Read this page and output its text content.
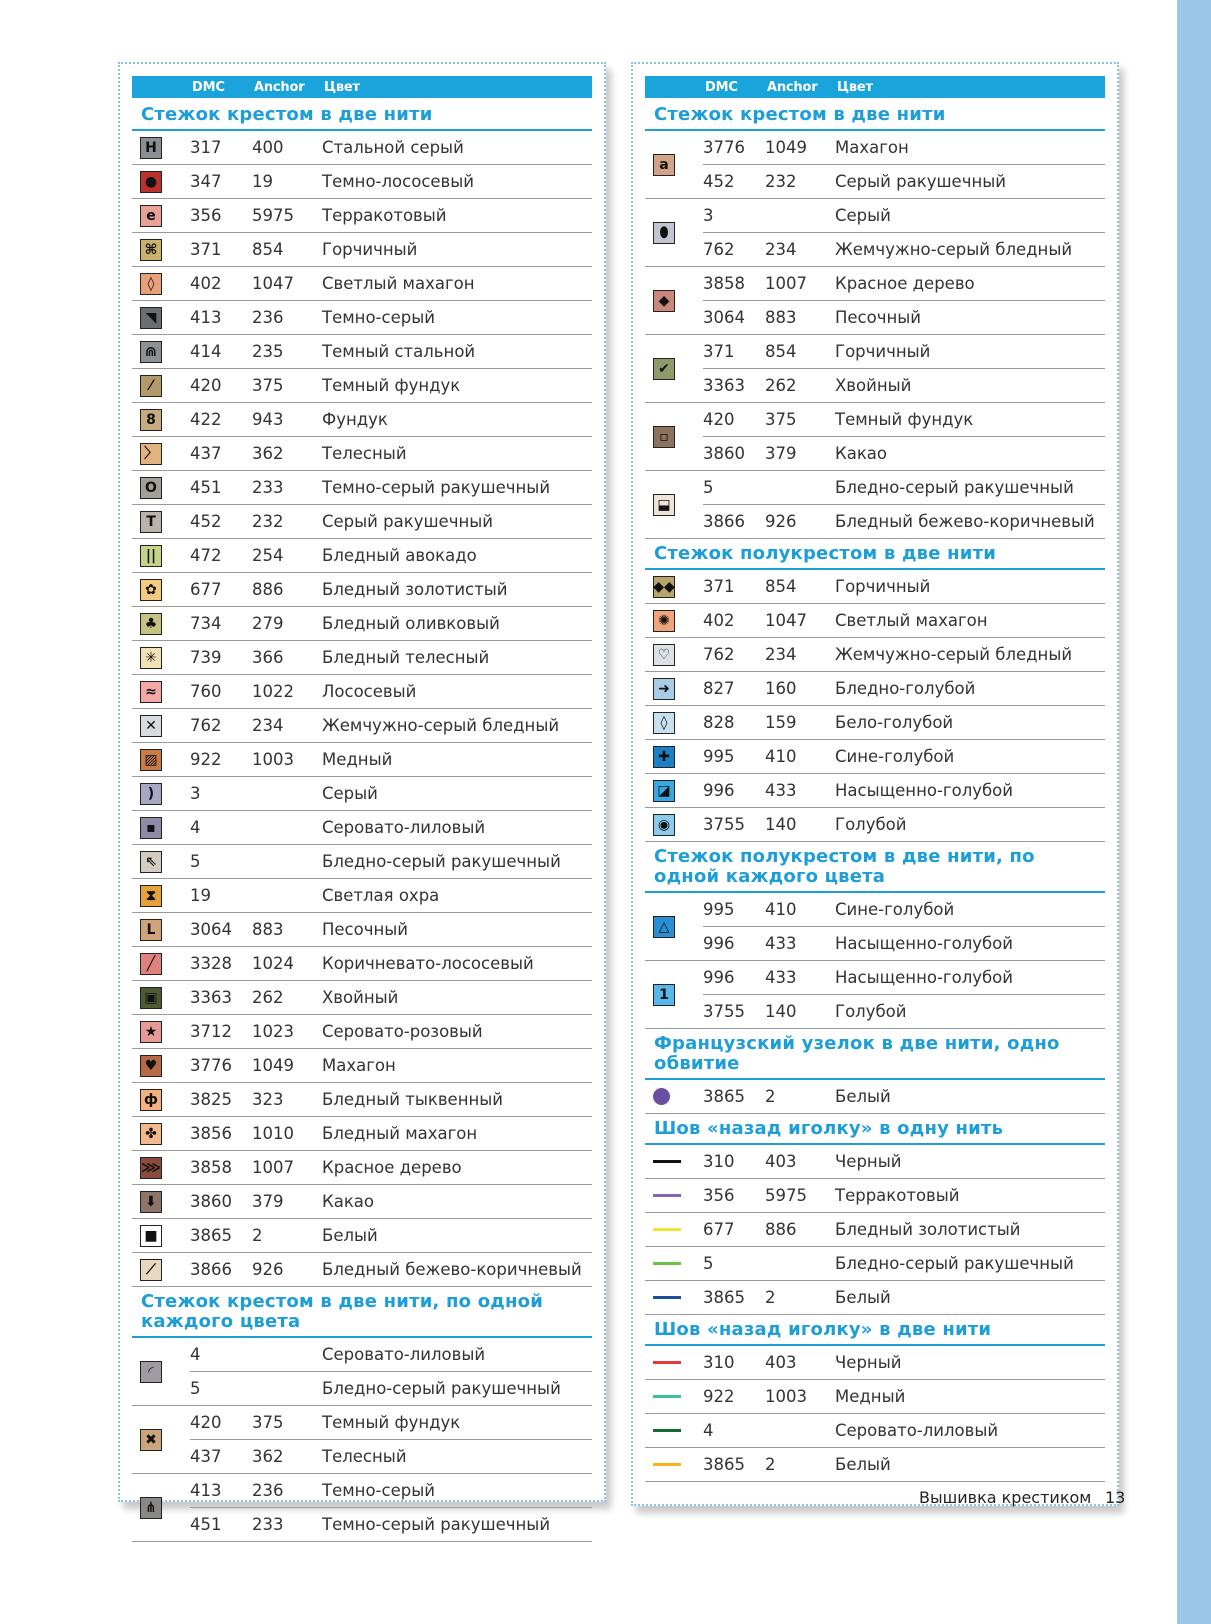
DMC Anchor Цвет
Стежок крестом в две нити
H	317	400	Стальной серый
● 347	19	Темно-лососевый
e	356	5975	Терракотовый
⌘ 371	854	Горчичный
◊	402	1047	Светлый махагон
◥	413	236	Темно-серый
⋒	414	235	Темный стальной
⁄	420	375	Темный фундук
8	422	943	Фундук
〉 437	362	Телесный
O	451	233	Темно-серый ракушечный
T	452	232	Серый ракушечный
||	472	254	Бледный авокадо
✿	677	886	Бледный золотистый
♣ 734	279	Бледный оливковый
✳	739	366	Бледный телесный
≈	760	1022	Лососевый
✕	762	234	Жемчужно-серый бледный
▨ 922	1003	Медный
)	3	Серый
▪	4	Серовато-лиловый
⇖	5	Бледно-серый ракушечный
⧗	19	Светлая охра
L	3064	883	Песочный
╱	3328	1024	Коричневато-лососевый
▣ 3363	262	Хвойный
★ 3712	1023	Серовато-розовый
♥ 3776	1049	Махагон
ф 3825	323	Бледный тыквенный
✤	3856	1010	Бледный махагон
⋙ 3858	1007	Красное дерево
⬇	3860	379	Какао
■ 3865	2	Белый
⟋	3866	926	Бледный бежево-коричневый
Стежок крестом в две нити, по одной каждого цвета
◜
4	Серовато-лиловый
5	Бледно-серый ракушечный
✖
420	375	Темный фундук
437	362	Телесный
⋔
413	236	Темно-серый
451	233	Темно-серый ракушечный
DMC Anchor Цвет
Стежок крестом в две нити
a
3776	1049	Махагон
452	232	Серый ракушечный
⬮
3	Серый
762	234	Жемчужно-серый бледный
◆
3858	1007	Красное дерево
3064	883	Песочный
✔
371	854	Горчичный
3363	262	Хвойный
▫
420	375	Темный фундук
3860	379	Какао
⬓
5	Бледно-серый ракушечный
3866	926	Бледный бежево-коричневый
Стежок полукрестом в две нити
◆◆ 371	854	Горчичный
✺	402	1047	Светлый махагон
♡ 762	234	Жемчужно-серый бледный
➜	827	160	Бледно-голубой
◊	828	159	Бело-голубой
✚	995	410	Сине-голубой
◪ 996	433	Насыщенно-голубой
◉ 3755	140	Голубой
Стежок полукрестом в две нити, по одной каждого цвета
△
995	410	Сине-голубой
996	433	Насыщенно-голубой
1
996	433	Насыщенно-голубой
3755	140	Голубой
Французский узелок в две нити, одно обвитие
3865	2	Белый
Шов «назад иголку» в одну нить
310	403	Черный
356	5975	Терракотовый
677	886	Бледный золотистый
5	Бледно-серый ракушечный
3865	2	Белый
Шов «назад иголку» в две нити
310	403	Черный
922	1003	Медный
4	Серовато-лиловый
3865	2	Белый
Вышивка крестиком 13
